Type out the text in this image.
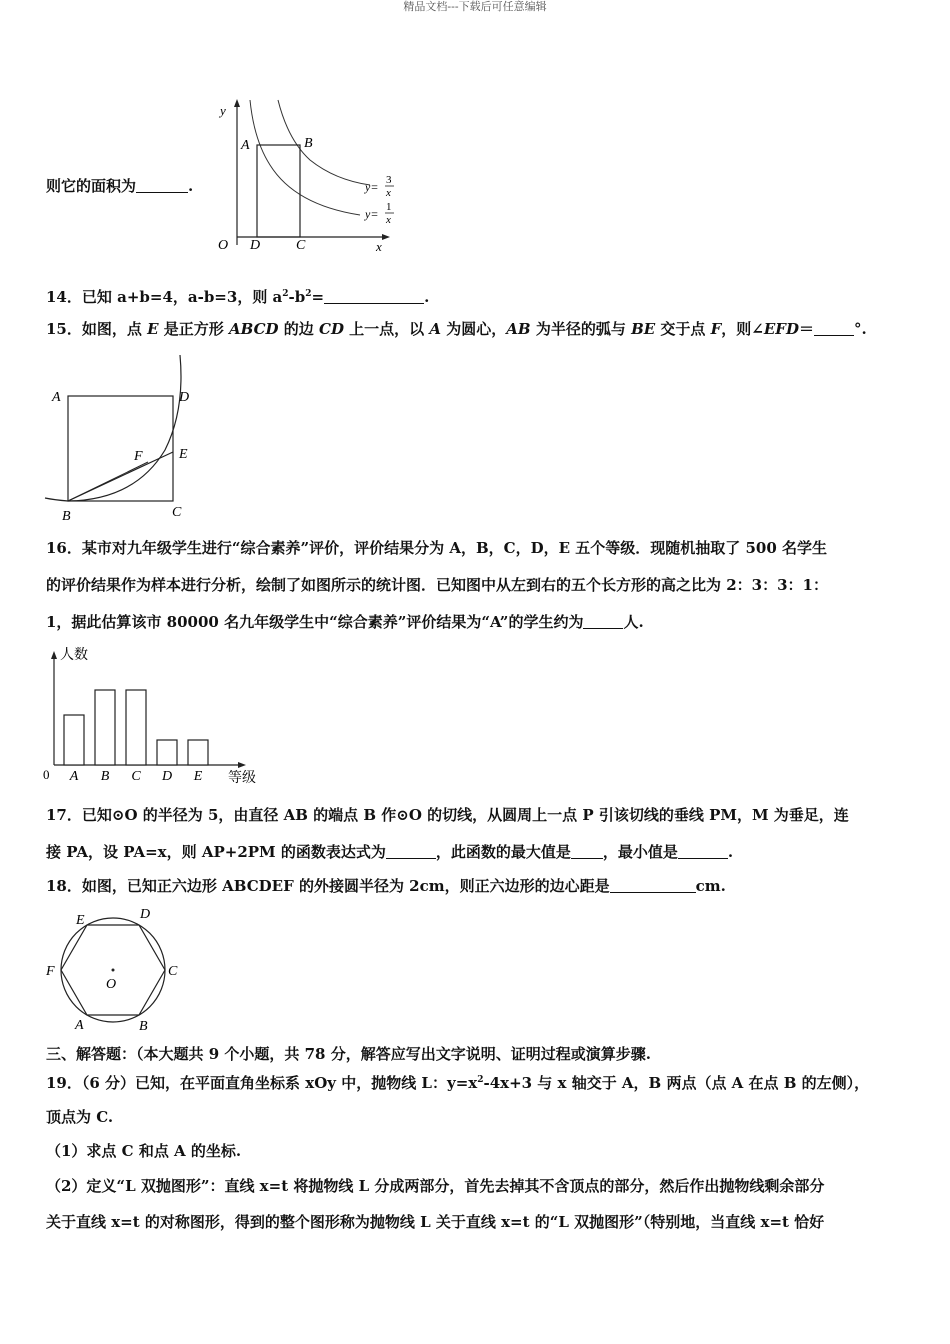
精品文档---下载后可任意编辑
则它的面积为	.
y
x
O
A	B
D	C
y= 3
x
y= 1
x
14．已知 a+b=4，a-b=3，则 $a^2-b^2=$	.
15．如图，点 E 是正方形 ABCD 的边 CD 上一点，以 A 为圆心，AB 为半径的弧与 BE 交于点 F，则∠EFD＝	°.
A	D
F	E
B	C
16．某市对九年级学生进行“综合素养”评价，评价结果分为 A，B，C，D，E 五个等级．现随机抽取了 500 名学生
的评价结果作为样本进行分析，绘制了如图所示的统计图．已知图中从左到右的五个长方形的高之比为 2：3：3：1：
1，据此估算该市 80000 名九年级学生中“综合素养”评价结果为“A”的学生约为	人.
人数
等级
0 A B C D E
17．已知⊙O 的半径为 5，由直径 AB 的端点 B 作⊙O 的切线，从圆周上一点 P 引该切线的垂线 PM，M 为垂足，连
接 PA，设 PA=x，则 AP+2PM 的函数表达式为	，此函数的最大值是 ，最小值是	.
18．如图，已知正六边形 ABCDEF 的外接圆半径为 2cm，则正六边形的边心距是	cm.
E	D
F	C
O
A	B
三、解答题：（本大题共 9 个小题，共 78 分，解答应写出文字说明、证明过程或演算步骤.
19．（6 分）已知，在平面直角坐标系 xOy 中，抛物线 L：$y=x^2-4x+3$ 与 x 轴交于 A，B 两点（点 A 在点 B 的左侧），
顶点为 C.
（1）求点 C 和点 A 的坐标.
（2）定义“L 双抛图形”：直线 x=t 将抛物线 L 分成两部分，首先去掉其不含顶点的部分，然后作出抛物线剩余部分
关于直线 x=t 的对称图形，得到的整个图形称为抛物线 L 关于直线 x=t 的“L 双抛图形”（特别地，当直线 x=t 恰好
